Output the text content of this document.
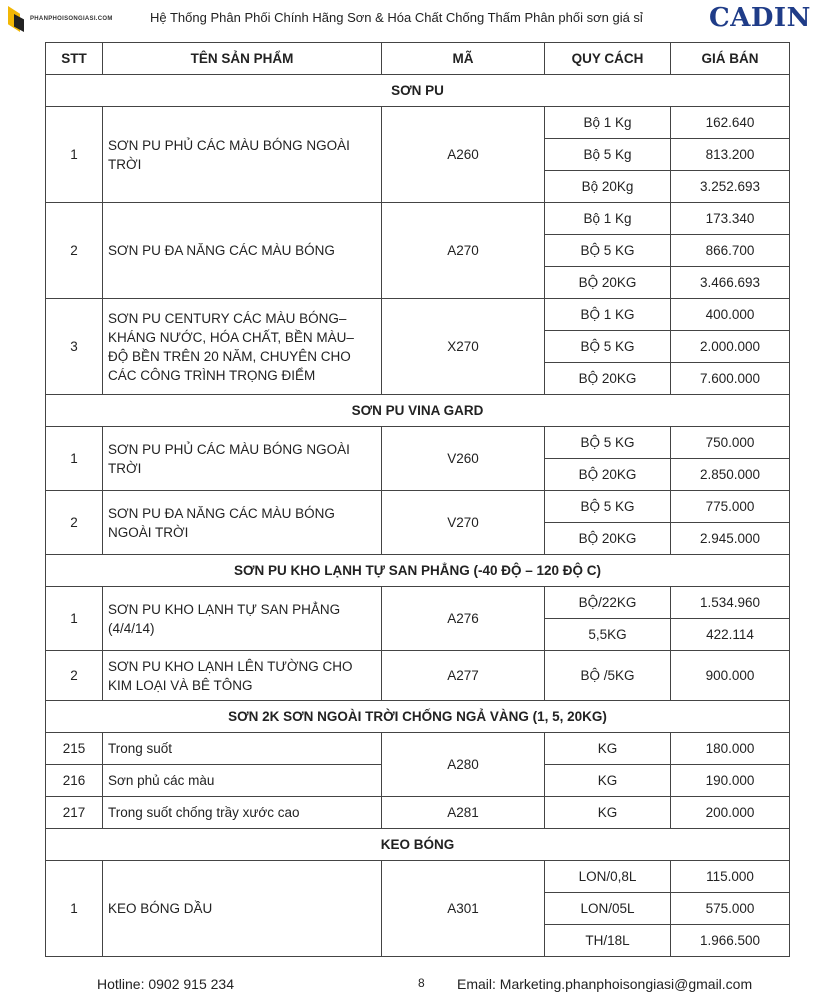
PHANPHOISONGIASI.COM	Hệ Thống Phân Phối Chính Hãng Sơn & Hóa Chất Chống Thấm Phân phối sơn giá sỉ	CADIN
STT	TÊN SẢN PHẨM	MÃ	QUY CÁCH	GIÁ BÁN
SƠN PU				
1	SƠN PU PHỦ CÁC MÀU BÓNG NGOÀI TRỜI	A260	Bộ 1 Kg	162.640
			Bộ 5 Kg	813.200
			Bộ 20Kg	3.252.693
2	SƠN PU ĐA NĂNG CÁC MÀU BÓNG	A270	Bộ 1 Kg	173.340
			BỘ 5 KG	866.700
			BỘ 20KG	3.466.693
3	SƠN PU CENTURY CÁC MÀU BÓNG– KHÁNG NƯỚC, HÓA CHẤT, BỀN MÀU– ĐỘ BỀN TRÊN 20 NĂM, CHUYÊN CHO CÁC CÔNG TRÌNH TRỌNG ĐIỂM	X270	BỘ 1 KG	400.000
			BỘ 5 KG	2.000.000
			BỘ 20KG	7.600.000
SƠN PU VINA GARD				
1	SƠN PU PHỦ CÁC MÀU BÓNG NGOÀI TRỜI	V260	BỘ 5 KG	750.000
			BỘ 20KG	2.850.000
2	SƠN PU ĐA NĂNG CÁC MÀU BÓNG NGOÀI TRỜI	V270	BỘ 5 KG	775.000
			BỘ 20KG	2.945.000
SƠN PU KHO LẠNH TỰ SAN PHẲNG (-40 ĐỘ – 120 ĐỘ C)				
1	SƠN PU KHO LẠNH TỰ SAN PHẲNG (4/4/14)	A276	BỘ/22KG	1.534.960
			5,5KG	422.114
2	SƠN PU KHO LẠNH LÊN TƯỜNG CHO KIM LOẠI VÀ BÊ TÔNG	A277	BỘ /5KG	900.000
SƠN 2K SƠN NGOÀI TRỜI CHỐNG NGẢ VÀNG (1, 5, 20KG)				
215	Trong suốt	A280	KG	180.000
216	Sơn phủ các màu		KG	190.000
217	Trong suốt chống trầy xước cao	A281	KG	200.000
KEO BÓNG				
1	KEO BÓNG DẦU	A301	LON/0,8L	115.000
			LON/05L	575.000
			TH/18L	1.966.500
Hotline: 0902 915 234	8 Email: Marketing.phanphoisongiasi@gmail.com
